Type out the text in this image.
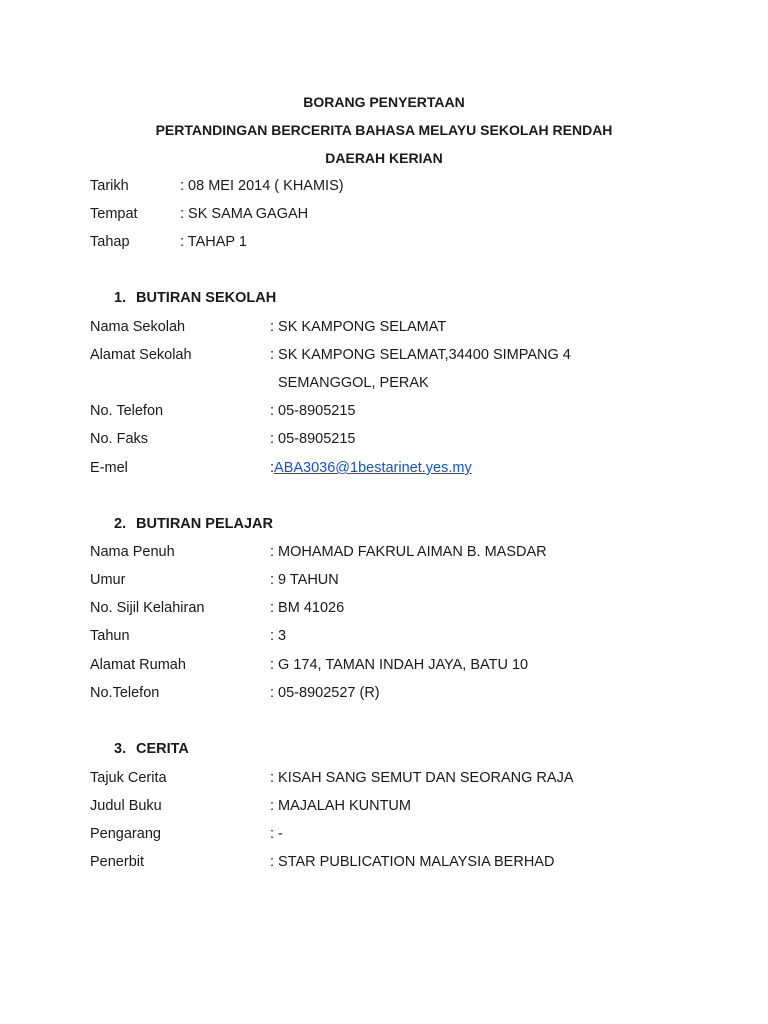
BORANG PENYERTAAN
PERTANDINGAN BERCERITA BAHASA MELAYU SEKOLAH RENDAH
DAERAH KERIAN
Tarikh	: 08 MEI 2014 ( KHAMIS)
Tempat	: SK SAMA GAGAH
Tahap	: TAHAP 1
1. BUTIRAN SEKOLAH
Nama Sekolah	: SK KAMPONG SELAMAT
Alamat Sekolah	: SK KAMPONG SELAMAT,34400 SIMPANG 4
SEMANGGOL, PERAK
No. Telefon	: 05-8905215
No. Faks	: 05-8905215
E-mel	:ABA3036@1bestarinet.yes.my
2. BUTIRAN PELAJAR
Nama Penuh	: MOHAMAD FAKRUL AIMAN B. MASDAR
Umur	: 9 TAHUN
No. Sijil Kelahiran	: BM 41026
Tahun	: 3
Alamat Rumah	: G 174, TAMAN INDAH JAYA, BATU 10
No.Telefon	: 05-8902527 (R)
3. CERITA
Tajuk Cerita	: KISAH SANG SEMUT DAN SEORANG RAJA
Judul Buku	: MAJALAH KUNTUM
Pengarang	: -
Penerbit	: STAR PUBLICATION MALAYSIA BERHAD
